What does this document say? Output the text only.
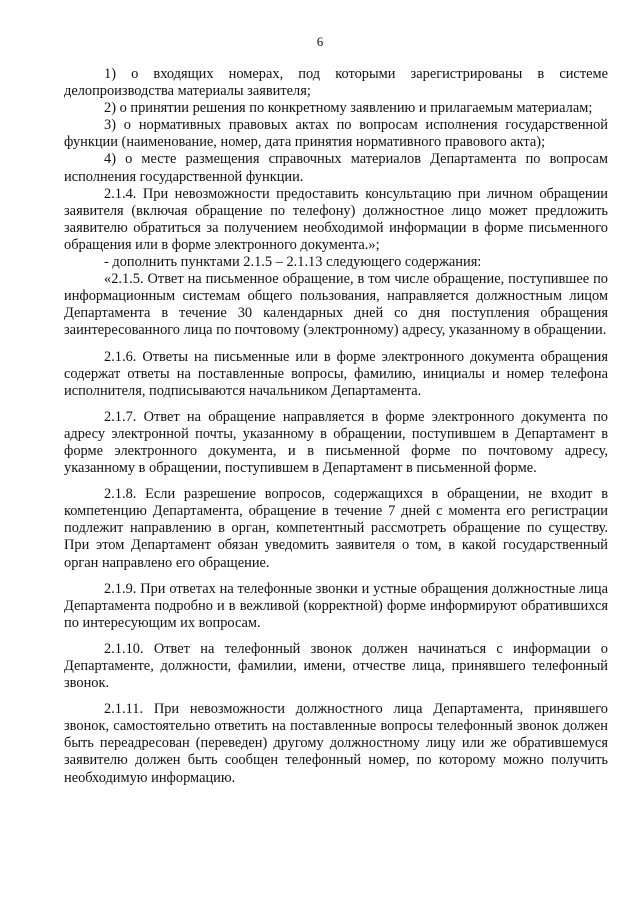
6

1) о входящих номерах, под которыми зарегистрированы в системе делопроизводства материалы заявителя;

2) о принятии решения по конкретному заявлению и прилагаемым материалам;

3) о нормативных правовых актах по вопросам исполнения государственной функции (наименование, номер, дата принятия нормативного правового акта);

4) о месте размещения справочных материалов Департамента по вопросам исполнения государственной функции.

2.1.4. При невозможности предоставить консультацию при личном обращении заявителя (включая обращение по телефону) должностное лицо может предложить заявителю обратиться за получением необходимой информации в форме письменного обращения или в форме электронного документа.»;

- дополнить пунктами 2.1.5 – 2.1.13 следующего содержания:

«2.1.5. Ответ на письменное обращение, в том числе обращение, поступившее по информационным системам общего пользования, направляется должностным лицом Департамента в течение 30 календарных дней со дня поступления обращения заинтересованного лица по почтовому (электронному) адресу, указанному в обращении.

2.1.6. Ответы на письменные или в форме электронного документа обращения содержат ответы на поставленные вопросы, фамилию, инициалы и номер телефона исполнителя, подписываются начальником Департамента.

2.1.7. Ответ на обращение направляется в форме электронного документа по адресу электронной почты, указанному в обращении, поступившем в Департамент в форме электронного документа, и в письменной форме по почтовому адресу, указанному в обращении, поступившем в Департамент в письменной форме.

2.1.8. Если разрешение вопросов, содержащихся в обращении, не входит в компетенцию Департамента, обращение в течение 7 дней с момента его регистрации подлежит направлению в орган, компетентный рассмотреть обращение по существу. При этом Департамент обязан уведомить заявителя о том, в какой государственный орган направлено его обращение.

2.1.9. При ответах на телефонные звонки и устные обращения должностные лица Департамента подробно и в вежливой (корректной) форме информируют обратившихся по интересующим их вопросам.

2.1.10. Ответ на телефонный звонок должен начинаться с информации о Департаменте, должности, фамилии, имени, отчестве лица, принявшего телефонный звонок.

2.1.11. При невозможности должностного лица Департамента, принявшего звонок, самостоятельно ответить на поставленные вопросы телефонный звонок должен быть переадресован (переведен) другому должностному лицу или же обратившемуся заявителю должен быть сообщен телефонный номер, по которому можно получить необходимую информацию.
